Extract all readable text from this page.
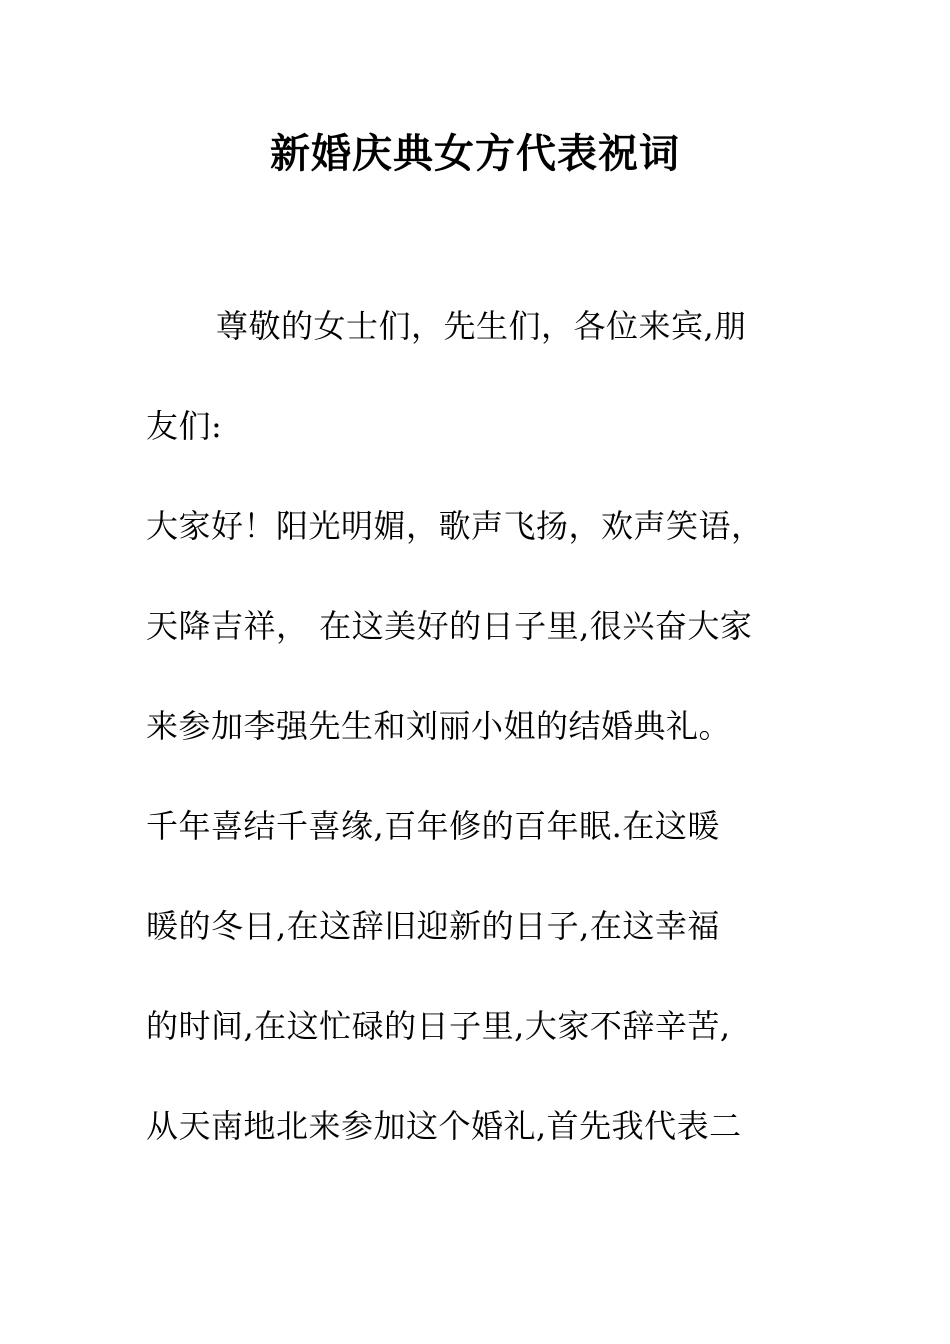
新婚庆典女方代表祝词
尊敬的女士们，先生们，各位来宾,朋
友们:
大家好！阳光明媚，歌声飞扬，欢声笑语，
天降吉祥， 在这美好的日子里,很兴奋大家
来参加李强先生和刘丽小姐的结婚典礼。
千年喜结千喜缘,百年修的百年眠.在这暖
暖的冬日,在这辞旧迎新的日子,在这幸福
的时间,在这忙碌的日子里,大家不辞辛苦,
从天南地北来参加这个婚礼,首先我代表二
